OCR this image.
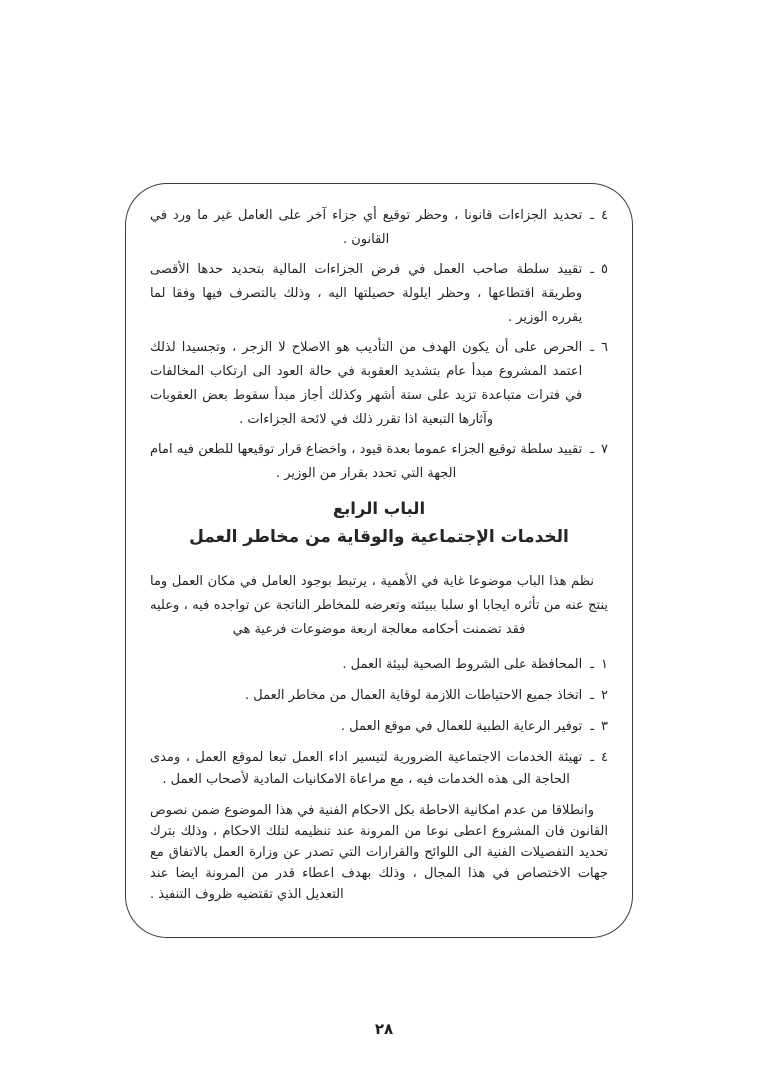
٤
ـ
تحديد الجزاءات قانونا ، وحظر توقيع أي جزاء آخر على العامل غير ما ورد في القانون .
٥
ـ
تقييد سلطة صاحب العمل في فرض الجزاءات المالية بتحديد حدها الأقصى وطريقة اقتطاعها ، وحظر ايلولة حصيلتها اليه ، وذلك بالتصرف فيها وفقا لما يقرره الوزير .
٦
ـ
الحرص على أن يكون الهدف من التأديب هو الاصلاح لا الزجر ، وتجسيدا لذلك اعتمد المشروع مبدأ عام بتشديد العقوبة في حالة العود الى ارتكاب المخالفات في فترات متباعدة تزيد على ستة أشهر وكذلك أجاز مبدأ سقوط بعض العقوبات وآثارها التبعية اذا تقرر ذلك في لائحة الجزاءات .
٧
ـ
تقييد سلطة توقيع الجزاء عموما بعدة قيود ، واخضاع قرار توقيعها للطعن فيه امام الجهة التي تحدد بقرار من الوزير .
الباب الرابع
الخدمات الإجتماعية والوقاية من مخاطر العمل

نظم هذا الباب موضوعا غاية في الأهمية ، يرتبط بوجود العامل في مكان العمل وما ينتج عنه من تأثره ايجابا او سلبا ببيئته وتعرضه للمخاطر الناتجة عن تواجده فيه ، وعليه فقد تضمنت أحكامه معالجة اربعة موضوعات فرعية هي

١
ـ
المحافظة على الشروط الصحية لبيئة العمل .
٢
ـ
اتخاذ جميع الاحتياطات اللازمة لوقاية العمال من مخاطر العمل .
٣
ـ
توفير الرعاية الطبية للعمال في موقع العمل .
٤
ـ
تهيئة الخدمات الاجتماعية الضرورية لتيسير اداء العمل تبعا لموقع العمل ، ومدى الحاجة الى هذه الخدمات فيه ، مع مراعاة الامكانيات المادية لأصحاب العمل .

وانطلاقا من عدم امكانية الاحاطة بكل الاحكام الفنية في هذا الموضوع ضمن نصوص القانون فان المشروع اعطى نوعا من المرونة عند تنظيمه لتلك الاحكام ، وذلك بترك تحديد التفصيلات الفنية الى اللوائح والقرارات التي تصدر عن وزارة العمل بالاتفاق مع جهات الاختصاص في هذا المجال ، وذلك بهدف اعطاء قدر من المرونة ايضا عند التعديل الذي تقتضيه ظروف التنفيذ .

٢٨
